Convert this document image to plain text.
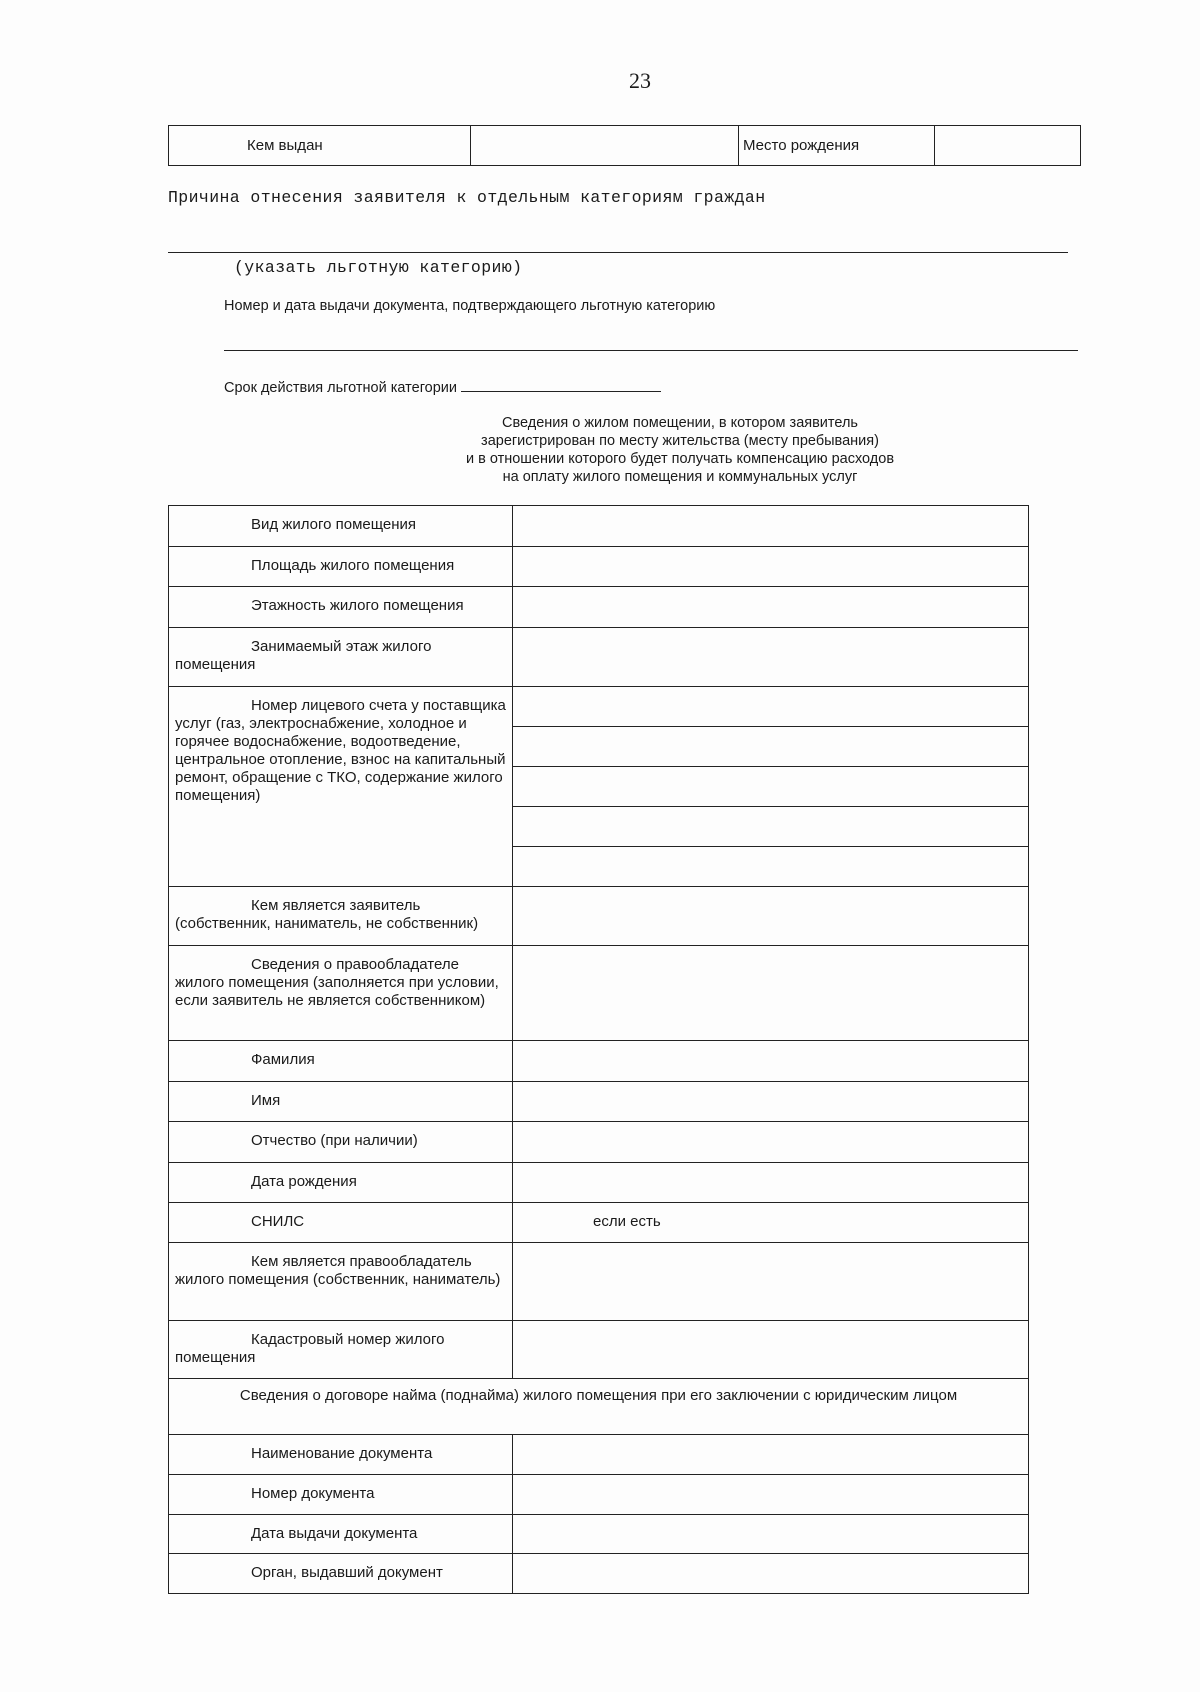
23
Кем выдан		Место рождения	
Причина отнесения заявителя к отдельным категориям граждан
(указать льготную категорию)
Номер и дата выдачи документа, подтверждающего льготную категорию
Срок действия льготной категории
Сведения о жилом помещении, в котором заявитель
зарегистрирован по месту жительства (месту пребывания)
и в отношении которого будет получать компенсацию расходов
на оплату жилого помещения и коммунальных услуг
Вид жилого помещения	
Площадь жилого помещения	
Этажность жилого помещения	
Занимаемый этаж жилого помещения	
Номер лицевого счета у поставщика услуг (газ, электроснабжение, холодное и горячее водоснабжение, водоотведение, центральное отопление, взнос на капитальный ремонт, обращение с ТКО, содержание жилого помещения)	

Кем является заявитель (собственник, наниматель, не собственник)	
Сведения о правообладателе жилого помещения (заполняется при условии, если заявитель не является собственником)	
Фамилия	
Имя	
Отчество (при наличии)	
Дата рождения	
СНИЛС	если есть

Кем является правообладатель жилого помещения (собственник, наниматель)	
Кадастровый номер жилого помещения	
Сведения о договоре найма (поднайма) жилого помещения при его заключении с юридическим лицом	
Наименование документа	
Номер документа	
Дата выдачи документа	
Орган, выдавший документ	
